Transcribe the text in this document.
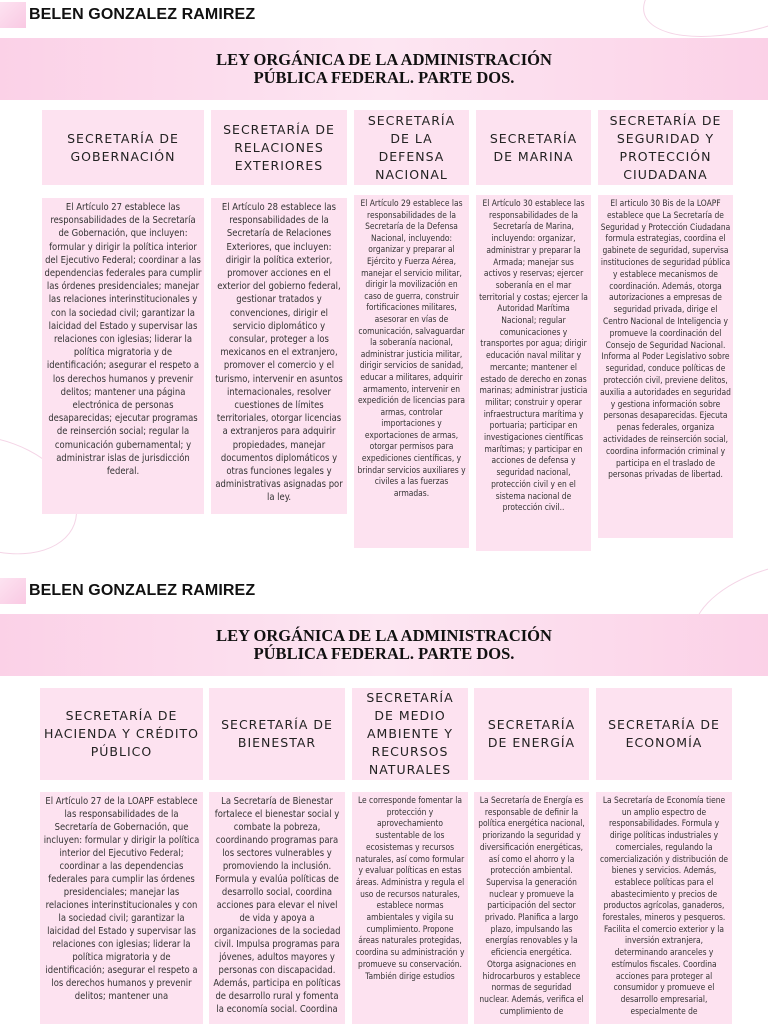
BELEN GONZALEZ RAMIREZ
LEY ORGÁNICA DE LA ADMINISTRACIÓN
PÚBLICA FEDERAL. PARTE DOS.
SECRETARÍA DE GOBERNACIÓN
El Artículo 27 establece las responsabilidades de la Secretaría de Gobernación, que incluyen: formular y dirigir la política interior del Ejecutivo Federal; coordinar a las dependencias federales para cumplir las órdenes presidenciales; manejar las relaciones interinstitucionales y con la sociedad civil; garantizar la laicidad del Estado y supervisar las relaciones con iglesias; liderar la política migratoria y de identificación; asegurar el respeto a los derechos humanos y prevenir delitos; mantener una página electrónica de personas desaparecidas; ejecutar programas de reinserción social; regular la comunicación gubernamental; y administrar islas de jurisdicción federal.
SECRETARÍA DE RELACIONES EXTERIORES
El Artículo 28 establece las responsabilidades de la Secretaría de Relaciones Exteriores, que incluyen: dirigir la política exterior, promover acciones en el exterior del gobierno federal, gestionar tratados y convenciones, dirigir el servicio diplomático y consular, proteger a los mexicanos en el extranjero, promover el comercio y el turismo, intervenir en asuntos internacionales, resolver cuestiones de límites territoriales, otorgar licencias a extranjeros para adquirir propiedades, manejar documentos diplomáticos y otras funciones legales y administrativas asignadas por la ley.
SECRETARÍA DE LA DEFENSA NACIONAL
El Artículo 29 establece las responsabilidades de la Secretaría de la Defensa Nacional, incluyendo: organizar y preparar al Ejército y Fuerza Aérea, manejar el servicio militar, dirigir la movilización en caso de guerra, construir fortificaciones militares, asesorar en vías de comunicación, salvaguardar la soberanía nacional, administrar justicia militar, dirigir servicios de sanidad, educar a militares, adquirir armamento, intervenir en expedición de licencias para armas, controlar importaciones y exportaciones de armas, otorgar permisos para expediciones científicas, y brindar servicios auxiliares y civiles a las fuerzas armadas.
SECRETARÍA DE MARINA
El Artículo 30 establece las responsabilidades de la Secretaría de Marina, incluyendo: organizar, administrar y preparar la Armada; manejar sus activos y reservas; ejercer soberanía en el mar territorial y costas; ejercer la Autoridad Marítima Nacional; regular comunicaciones y transportes por agua; dirigir educación naval militar y mercante; mantener el estado de derecho en zonas marinas; administrar justicia militar; construir y operar infraestructura marítima y portuaria; participar en investigaciones científicas marítimas; y participar en acciones de defensa y seguridad nacional, protección civil y en el sistema nacional de protección civil..
SECRETARÍA DE SEGURIDAD Y PROTECCIÓN CIUDADANA
El articulo 30 Bis de la LOAPF establece que La Secretaría de Seguridad y Protección Ciudadana formula estrategias, coordina el gabinete de seguridad, supervisa instituciones de seguridad pública y establece mecanismos de coordinación. Además, otorga autorizaciones a empresas de seguridad privada, dirige el Centro Nacional de Inteligencia y promueve la coordinación del Consejo de Seguridad Nacional. Informa al Poder Legislativo sobre seguridad, conduce políticas de protección civil, previene delitos, auxilia a autoridades en seguridad y gestiona información sobre personas desaparecidas. Ejecuta penas federales, organiza actividades de reinserción social, coordina información criminal y participa en el traslado de personas privadas de libertad.
BELEN GONZALEZ RAMIREZ
LEY ORGÁNICA DE LA ADMINISTRACIÓN
PÚBLICA FEDERAL. PARTE DOS.
SECRETARÍA DE HACIENDA Y CRÉDITO PÚBLICO
El Artículo 27 de la LOAPF establece las responsabilidades de la Secretaría de Gobernación, que incluyen: formular y dirigir la política interior del Ejecutivo Federal; coordinar a las dependencias federales para cumplir las órdenes presidenciales; manejar las relaciones interinstitucionales y con la sociedad civil; garantizar la laicidad del Estado y supervisar las relaciones con iglesias; liderar la política migratoria y de identificación; asegurar el respeto a los derechos humanos y prevenir delitos; mantener una
SECRETARÍA DE BIENESTAR
La Secretaría de Bienestar fortalece el bienestar social y combate la pobreza, coordinando programas para los sectores vulnerables y promoviendo la inclusión. Formula y evalúa políticas de desarrollo social, coordina acciones para elevar el nivel de vida y apoya a organizaciones de la sociedad civil. Impulsa programas para jóvenes, adultos mayores y personas con discapacidad. Además, participa en políticas de desarrollo rural y fomenta la economía social. Coordina
SECRETARÍA DE MEDIO AMBIENTE Y RECURSOS NATURALES
Le corresponde fomentar la protección y aprovechamiento sustentable de los ecosistemas y recursos naturales, así como formular y evaluar políticas en estas áreas. Administra y regula el uso de recursos naturales, establece normas ambientales y vigila su cumplimiento. Propone áreas naturales protegidas, coordina su administración y promueve su conservación. También dirige estudios
SECRETARÍA DE ENERGÍA
La Secretaría de Energía es responsable de definir la política energética nacional, priorizando la seguridad y diversificación energéticas, así como el ahorro y la protección ambiental. Supervisa la generación nuclear y promueve la participación del sector privado. Planifica a largo plazo, impulsando las energías renovables y la eficiencia energética. Otorga asignaciones en hidrocarburos y establece normas de seguridad nuclear. Además, verifica el cumplimiento de
SECRETARÍA DE ECONOMÍA
La Secretaría de Economía tiene un amplio espectro de responsabilidades. Formula y dirige políticas industriales y comerciales, regulando la comercialización y distribución de bienes y servicios. Además, establece políticas para el abastecimiento y precios de productos agrícolas, ganaderos, forestales, mineros y pesqueros. Facilita el comercio exterior y la inversión extranjera, determinando aranceles y estímulos fiscales. Coordina acciones para proteger al consumidor y promueve el desarrollo empresarial, especialmente de
